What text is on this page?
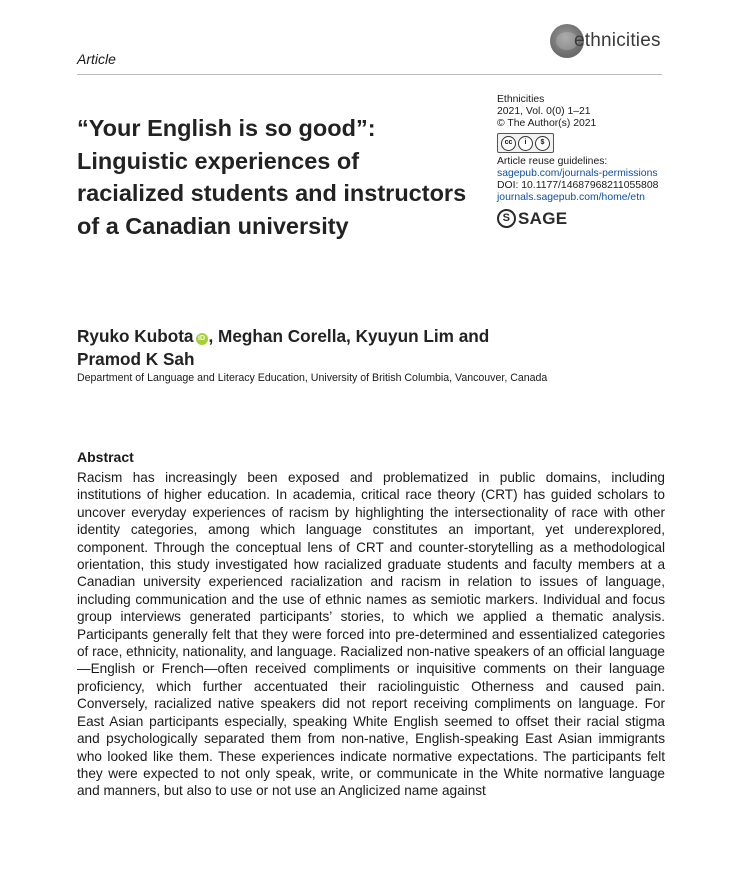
ethnicities
Article
“Your English is so good”: Linguistic experiences of racialized students and instructors of a Canadian university
Ethnicities
2021, Vol. 0(0) 1–21
© The Author(s) 2021
cc	i	$
Article reuse guidelines:
sagepub.com/journals-permissions
DOI: 10.1177/14687968211055808
journals.sagepub.com/home/etn
S SAGE
Ryuko Kubota iD , Meghan Corella, Kyuyun Lim and
Pramod K Sah
Department of Language and Literacy Education, University of British Columbia, Vancouver, Canada
Abstract

Racism has increasingly been exposed and problematized in public domains, including institutions of higher education. In academia, critical race theory (CRT) has guided scholars to uncover everyday experiences of racism by highlighting the intersectionality of race with other identity categories, among which language constitutes an important, yet underexplored, component. Through the conceptual lens of CRT and counter-storytelling as a methodological orientation, this study investigated how racialized graduate students and faculty members at a Canadian university experienced racialization and racism in relation to issues of language, including communication and the use of ethnic names as semiotic markers. Individual and focus group interviews generated participants’ stories, to which we applied a thematic analysis. Participants generally felt that they were forced into pre-determined and essentialized categories of race, ethnicity, nationality, and language. Racialized non-native speakers of an official language—English or French—often received compliments or inquisitive comments on their language proficiency, which further accentuated their raciolinguistic Otherness and caused pain. Conversely, racialized native speakers did not report receiving compliments on language. For East Asian participants especially, speaking White English seemed to offset their racial stigma and psychologically separated them from non-native, English-speaking East Asian immigrants who looked like them. These experiences indicate normative expectations. The participants felt they were expected to not only speak, write, or communicate in the White normative language and manners, but also to use or not use an Anglicized name against
